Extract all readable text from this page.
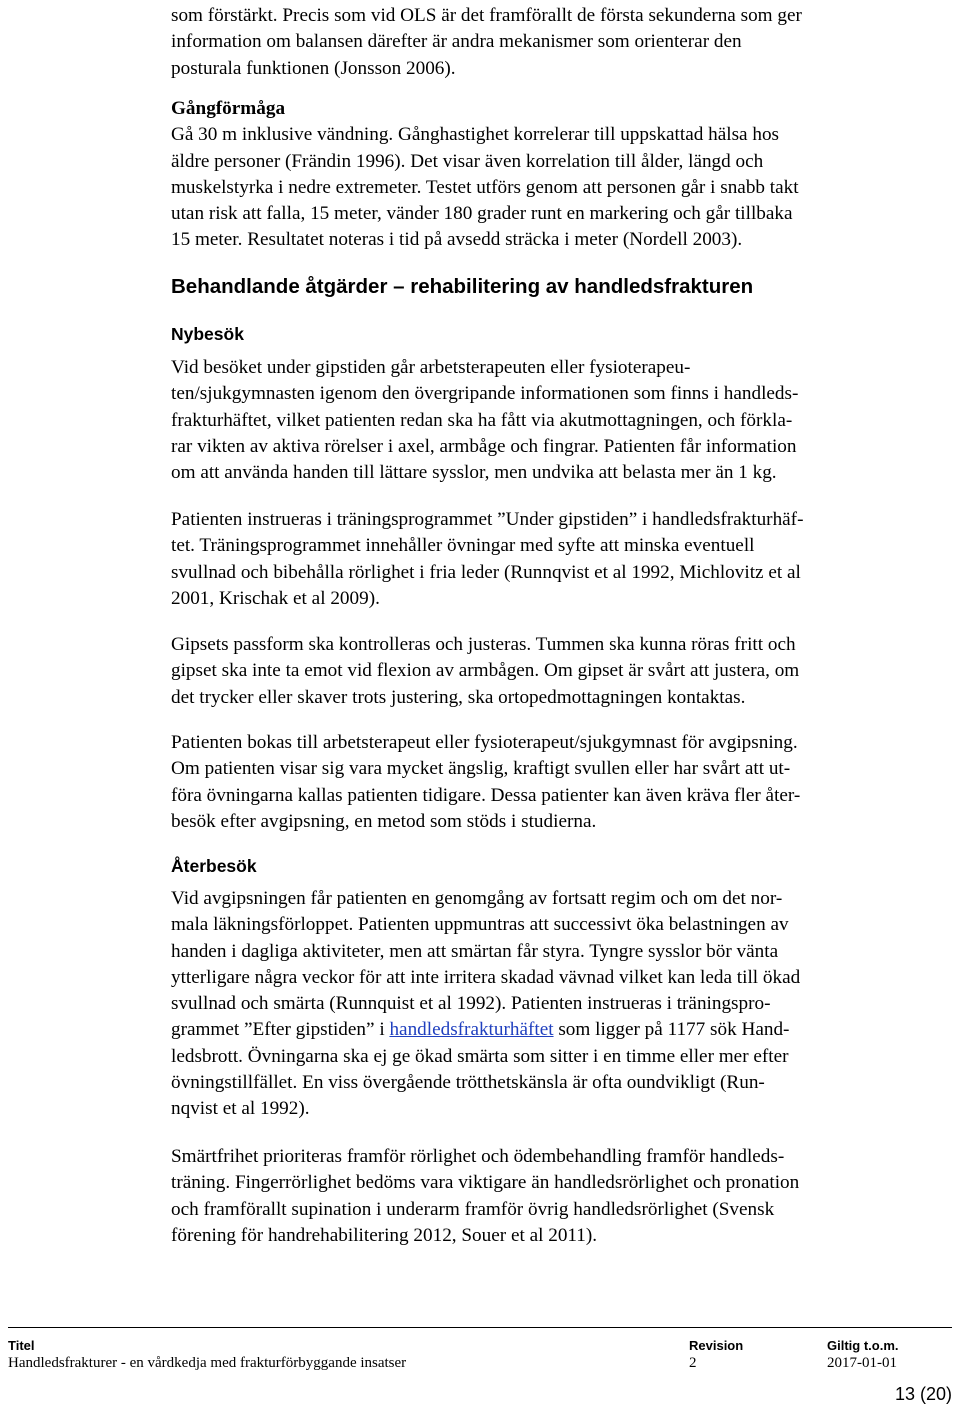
som förstärkt. Precis som vid OLS är det framförallt de första sekunderna som ger
information om balansen därefter är andra mekanismer som orienterar den
posturala funktionen (Jonsson 2006).
Gångförmåga
Gå 30 m inklusive vändning. Gånghastighet korrelerar till uppskattad hälsa hos
äldre personer (Frändin 1996). Det visar även korrelation till ålder, längd och
muskelstyrka i nedre extremeter. Testet utförs genom att personen går i snabb takt
utan risk att falla, 15 meter, vänder 180 grader runt en markering och går tillbaka
15 meter. Resultatet noteras i tid på avsedd sträcka i meter (Nordell 2003).
Behandlande åtgärder – rehabilitering av handledsfrakturen
Nybesök
Vid besöket under gipstiden går arbetsterapeuten eller fysioterapeu-
ten/sjukgymnasten igenom den övergripande informationen som finns i handleds-
frakturhäftet, vilket patienten redan ska ha fått via akutmottagningen, och förkla-
rar vikten av aktiva rörelser i axel, armbåge och fingrar. Patienten får information
om att använda handen till lättare sysslor, men undvika att belasta mer än 1 kg.
Patienten instrueras i träningsprogrammet ”Under gipstiden” i handledsfrakturhäf-
tet. Träningsprogrammet innehåller övningar med syfte att minska eventuell
svullnad och bibehålla rörlighet i fria leder (Runnqvist et al 1992, Michlovitz et al
2001, Krischak et al 2009).
Gipsets passform ska kontrolleras och justeras. Tummen ska kunna röras fritt och
gipset ska inte ta emot vid flexion av armbågen. Om gipset är svårt att justera, om
det trycker eller skaver trots justering, ska ortopedmottagningen kontaktas.
Patienten bokas till arbetsterapeut eller fysioterapeut/sjukgymnast för avgipsning.
Om patienten visar sig vara mycket ängslig, kraftigt svullen eller har svårt att ut-
föra övningarna kallas patienten tidigare. Dessa patienter kan även kräva fler åter-
besök efter avgipsning, en metod som stöds i studierna.
Återbesök
Vid avgipsningen får patienten en genomgång av fortsatt regim och om det nor-
mala läkningsförloppet. Patienten uppmuntras att successivt öka belastningen av
handen i dagliga aktiviteter, men att smärtan får styra. Tyngre sysslor bör vänta
ytterligare några veckor för att inte irritera skadad vävnad vilket kan leda till ökad
svullnad och smärta (Runnquist et al 1992). Patienten instrueras i träningspro-
grammet ”Efter gipstiden” i handledsfrakturhäftet som ligger på 1177 sök Hand-
ledsbrott. Övningarna ska ej ge ökad smärta som sitter i en timme eller mer efter
övningstillfället. En viss övergående trötthetskänsla är ofta oundvikligt (Run-
nqvist et al 1992).
Smärtfrihet prioriteras framför rörlighet och ödembehandling framför handleds-
träning. Fingerrörlighet bedöms vara viktigare än handledsrörlighet och pronation
och framförallt supination i underarm framför övrig handledsrörlighet (Svensk
förening för handrehabilitering 2012, Souer et al 2011).
Titel
Handledsfrakturer - en vårdkedja med frakturförbyggande insatser
Revision
2
Giltig t.o.m.
2017-01-01
13 (20)
